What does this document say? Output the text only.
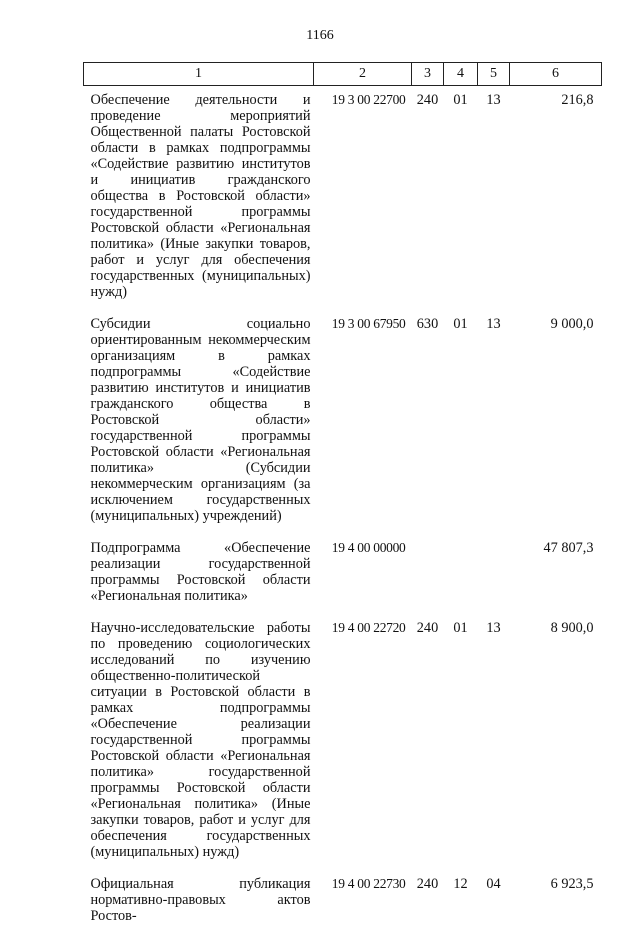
1166
1	2	3	4	5	6
Обеспечение деятельности и проведение мероприятий Общественной палаты Ростовской области в рамках подпрограммы «Содействие развитию институтов и инициатив гражданского общества в Ростовской области» государственной программы Ростовской области «Региональная политика» (Иные закупки товаров, работ и услуг для обеспечения государственных (муниципальных) нужд)	19 3 00 22700	240	01	13	216,8
Субсидии социально ориентированным некоммерческим организациям в рамках подпрограммы «Содействие развитию институтов и инициатив гражданского общества в Ростовской области» государственной программы Ростовской области «Региональная политика» (Субсидии некоммерческим организациям (за исключением государственных (муниципальных) учреждений)	19 3 00 67950	630	01	13	9 000,0
Подпрограмма «Обеспечение реализации государственной программы Ростовской области «Региональная политика»	19 4 00 00000				47 807,3
Научно-исследовательские работы по проведению социологических исследований по изучению общественно-политической ситуации в Ростовской области в рамках подпрограммы «Обеспечение реализации государственной программы Ростовской области «Региональная политика» государственной программы Ростовской области «Региональная политика» (Иные закупки товаров, работ и услуг для обеспечения государственных (муниципальных) нужд)	19 4 00 22720	240	01	13	8 900,0
Официальная публикация нормативно-правовых актов Ростов-	19 4 00 22730	240	12	04	6 923,5
